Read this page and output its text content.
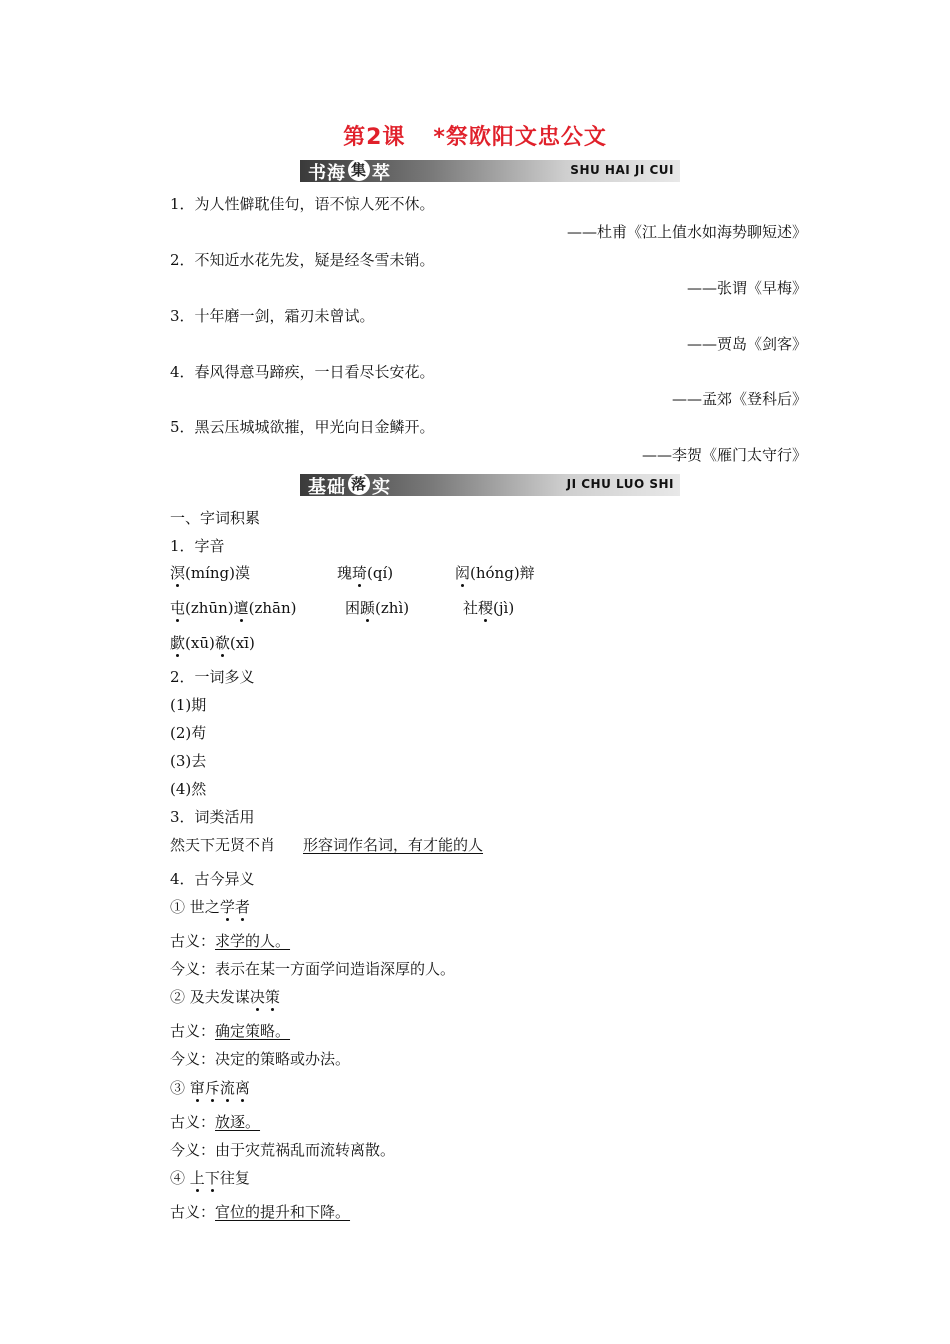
第2课 *祭欧阳文忠公文
书海 集 萃	SHU HAI JI CUI
1．为人性僻耽佳句，语不惊人死不休。
——杜甫《江上值水如海势聊短述》
2．不知近水花先发，疑是经冬雪未销。
——张谓《早梅》
3．十年磨一剑，霜刃未曾试。
——贾岛《剑客》
4．春风得意马蹄疾，一日看尽长安花。
——孟郊《登科后》
5．黑云压城城欲摧，甲光向日金鳞开。
——李贺《雁门太守行》
基础 落 实	JI CHU LUO SHI
一、字词积累
1．字音
溟(míng)漠	瑰琦(qí)	闳(hóng)辩
屯(zhūn)邅(zhān)	困踬(zhì)	社稷(jì)
歔(xū)欷(xī)
2．一词多义
(1)期
(2)苟
(3)去
(4)然
3．词类活用
然天下无贤不肖 形容词作名词，有才能的人
4．古今异义
① 世之学者
古义：求学的人。
今义：表示在某一方面学问造诣深厚的人。
② 及夫发谋决策
古义：确定策略。
今义：决定的策略或办法。
③ 窜斥流离
古义：放逐。
今义：由于灾荒祸乱而流转离散。
④ 上下往复
古义：官位的提升和下降。
